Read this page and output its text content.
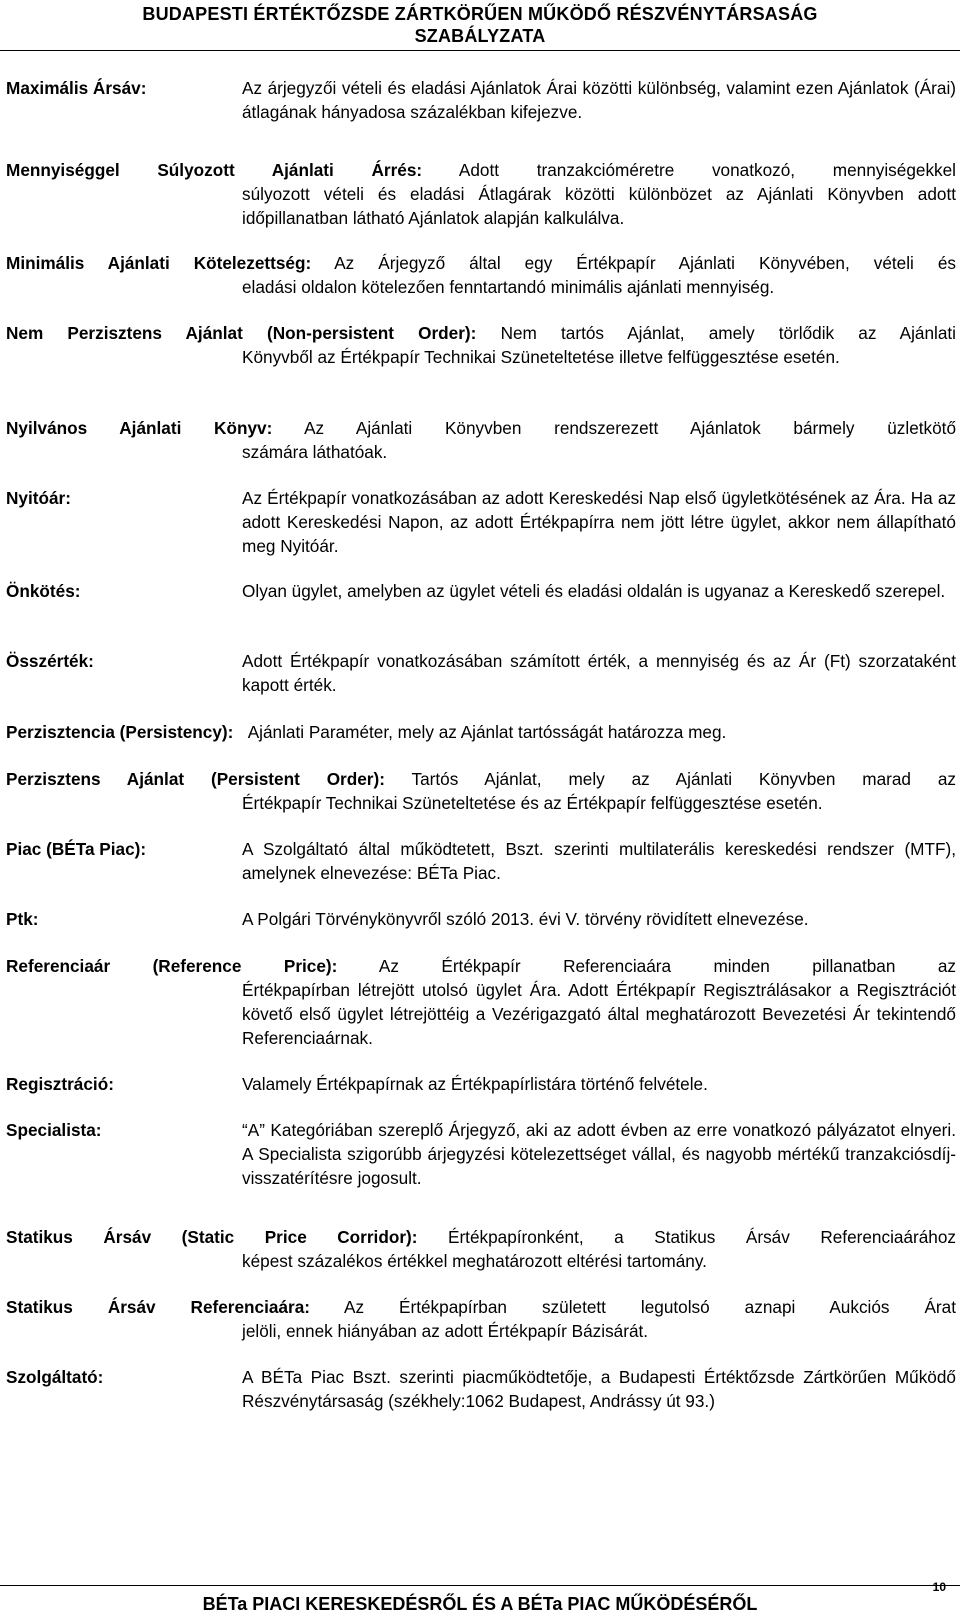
BUDAPESTI ÉRTÉKTŐZSDE ZÁRTKÖRŰEN MŰKÖDŐ RÉSZVÉNYTÁRSASÁG
SZABÁLYZATA
Maximális Ársáv:	Az árjegyzői vételi és eladási Ajánlatok Árai közötti különbség, valamint ezen Ajánlatok (Árai) átlagának hányadosa százalékban kifejezve.

Mennyiséggel Súlyozott Ajánlati Árrés: Adott tranzakcióméretre vonatkozó, mennyiségekkel

súlyozott vételi és eladási Átlagárak közötti különbözet az Ajánlati Könyvben adott időpillanatban látható Ajánlatok alapján kalkulálva.

Minimális Ajánlati Kötelezettség: Az Árjegyző által egy Értékpapír Ajánlati Könyvében, vételi és

eladási oldalon kötelezően fenntartandó minimális ajánlati mennyiség.

Nem Perzisztens Ajánlat (Non-persistent Order): Nem tartós Ajánlat, amely törlődik az Ajánlati

Könyvből az Értékpapír Technikai Szüneteltetése illetve felfüggesztése esetén.

Nyilvános Ajánlati Könyv: Az Ajánlati Könyvben rendszerezett Ajánlatok bármely üzletkötő

számára láthatóak.

Nyitóár:	Az Értékpapír vonatkozásában az adott Kereskedési Nap első ügyletkötésének az Ára. Ha az adott Kereskedési Napon, az adott Értékpapírra nem jött létre ügylet, akkor nem állapítható meg Nyitóár.
Önkötés:	Olyan ügylet, amelyben az ügylet vételi és eladási oldalán is ugyanaz a Kereskedő szerepel.
Összérték:	Adott Értékpapír vonatkozásában számított érték, a mennyiség és az Ár (Ft) szorzataként kapott érték.

Perzisztencia (Persistency): Ajánlati Paraméter, mely az Ajánlat tartósságát határozza meg.

Perzisztens Ajánlat (Persistent Order): Tartós Ajánlat, mely az Ajánlati Könyvben marad az

Értékpapír Technikai Szüneteltetése és az Értékpapír felfüggesztése esetén.

Piac (BÉTa Piac):	A Szolgáltató által működtetett, Bszt. szerinti multilaterális kereskedési rendszer (MTF), amelynek elnevezése: BÉTa Piac.
Ptk:	A Polgári Törvénykönyvről szóló 2013. évi V. törvény rövidített elnevezése.

Referenciaár (Reference Price): Az Értékpapír Referenciaára minden pillanatban az

Értékpapírban létrejött utolsó ügylet Ára. Adott Értékpapír Regisztrálásakor a Regisztrációt követő első ügylet létrejöttéig a Vezérigazgató által meghatározott Bevezetési Ár tekintendő Referenciaárnak.

Regisztráció:	Valamely Értékpapírnak az Értékpapírlistára történő felvétele.
Specialista:	“A” Kategóriában szereplő Árjegyző, aki az adott évben az erre vonatkozó pályázatot elnyeri. A Specialista szigorúbb árjegyzési kötelezettséget vállal, és nagyobb mértékű tranzakciósdíj-visszatérítésre jogosult.

Statikus Ársáv (Static Price Corridor): Értékpapíronként, a Statikus Ársáv Referenciaárához

képest százalékos értékkel meghatározott eltérési tartomány.

Statikus Ársáv Referenciaára: Az Értékpapírban született legutolsó aznapi Aukciós Árat

jelöli, ennek hiányában az adott Értékpapír Bázisárát.

Szolgáltató:	A BÉTa Piac Bszt. szerinti piacműködtetője, a Budapesti Értéktőzsde Zártkörűen Működő Részvénytársaság (székhely:1062 Budapest, Andrássy út 93.)
BÉTa PIACI KERESKEDÉSRŐL ÉS A BÉTa PIAC MŰKÖDÉSÉRŐL
10
